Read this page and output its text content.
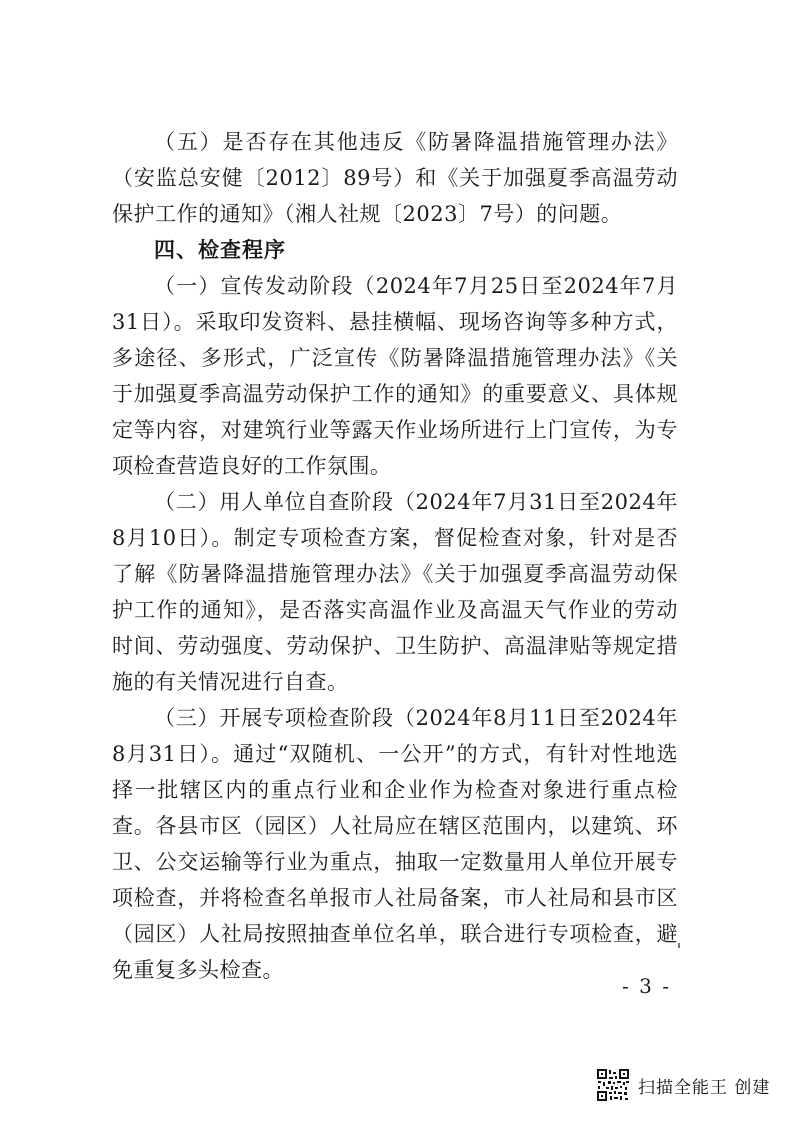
（五）是否存在其他违反《防暑降温措施管理办法》（安监总安健〔2012〕89号）和《关于加强夏季高温劳动保护工作的通知》（湘人社规〔2023〕7号）的问题。

四、检查程序

（一）宣传发动阶段（2024年7月25日至2024年7月31日）。采取印发资料、悬挂横幅、现场咨询等多种方式，多途径、多形式，广泛宣传《防暑降温措施管理办法》《关于加强夏季高温劳动保护工作的通知》的重要意义、具体规定等内容，对建筑行业等露天作业场所进行上门宣传，为专项检查营造良好的工作氛围。

（二）用人单位自查阶段（2024年7月31日至2024年8月10日）。制定专项检查方案，督促检查对象，针对是否了解《防暑降温措施管理办法》《关于加强夏季高温劳动保护工作的通知》，是否落实高温作业及高温天气作业的劳动时间、劳动强度、劳动保护、卫生防护、高温津贴等规定措施的有关情况进行自查。

（三）开展专项检查阶段（2024年8月11日至2024年8月31日）。通过“双随机、一公开”的方式，有针对性地选择一批辖区内的重点行业和企业作为检查对象进行重点检查。各县市区（园区）人社局应在辖区范围内，以建筑、环卫、公交运输等行业为重点，抽取一定数量用人单位开展专项检查，并将检查名单报市人社局备案，市人社局和县市区（园区）人社局按照抽查单位名单，联合进行专项检查，避免重复多头检查。

- 3 -
扫描全能王 创建
